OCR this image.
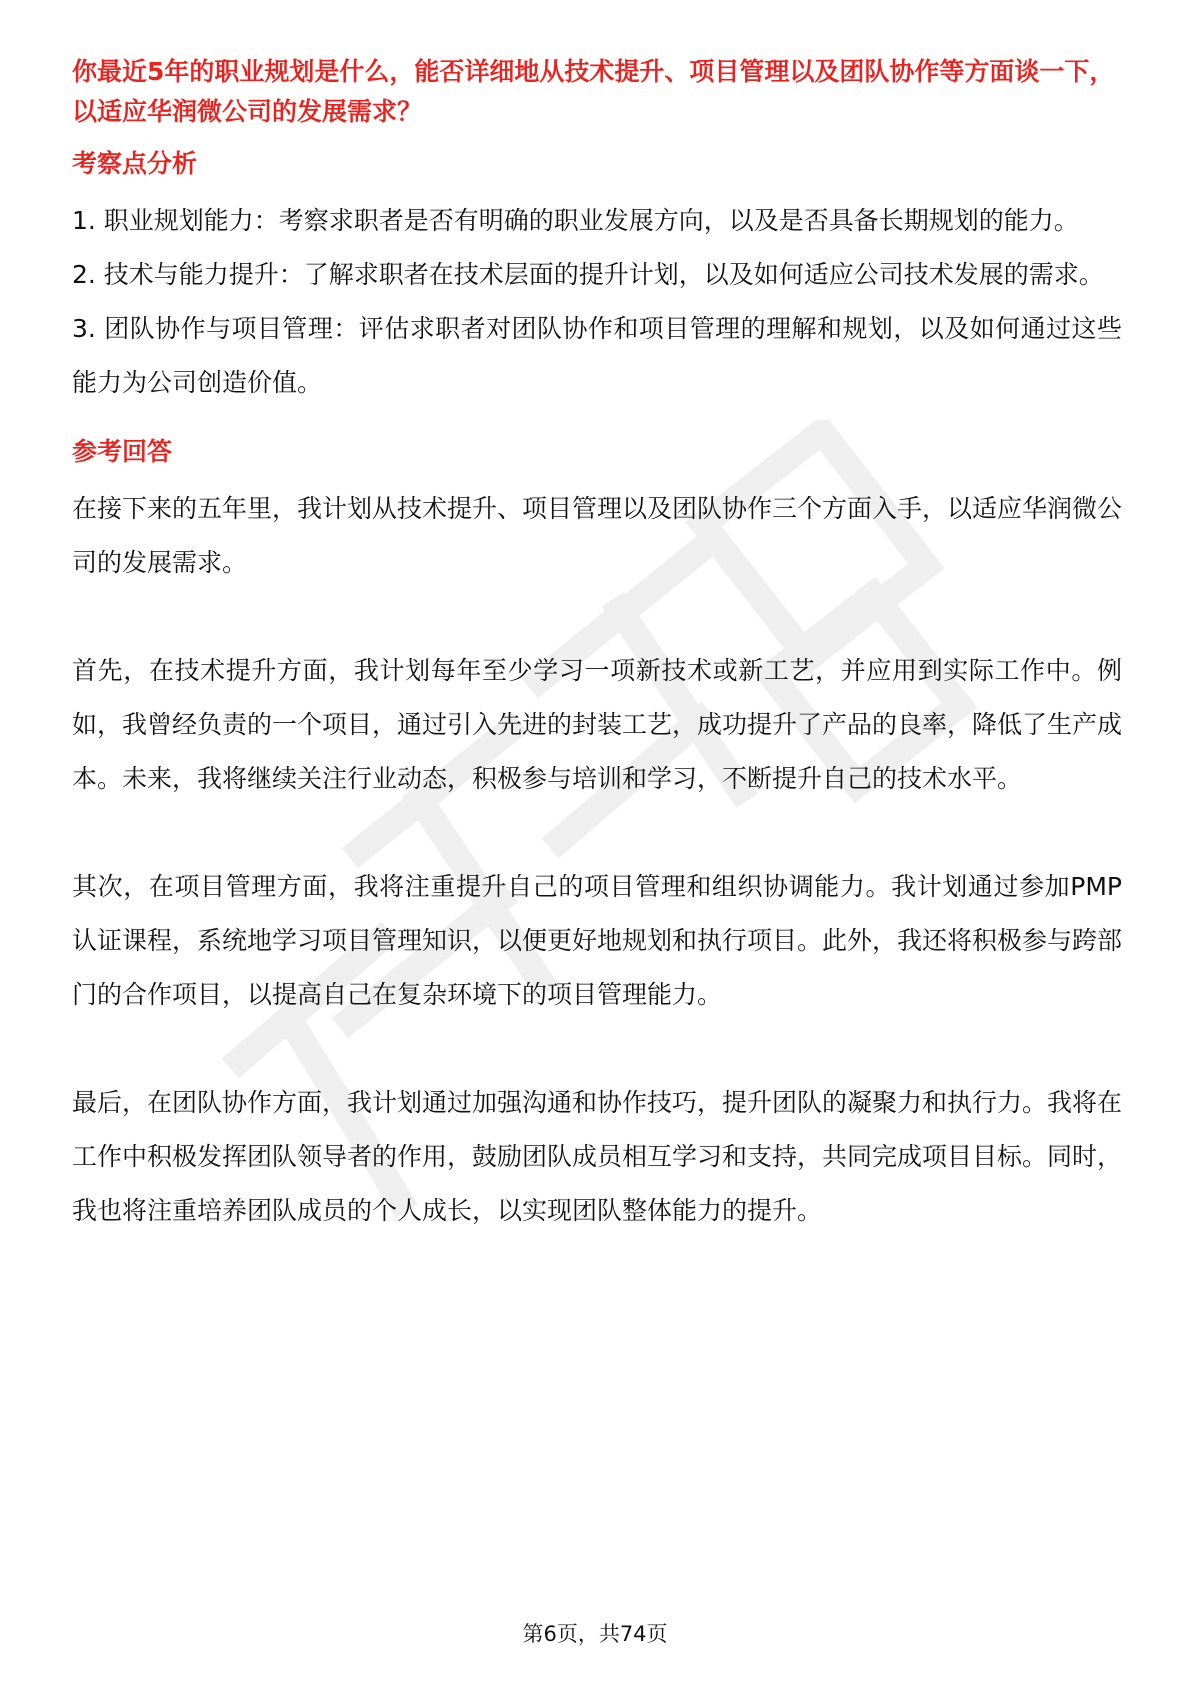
你最近5年的职业规划是什么，能否详细地从技术提升、项目管理以及团队协作等方面谈一下，以适应华润微公司的发展需求？

考察点分析

1. 职业规划能力：考察求职者是否有明确的职业发展方向，以及是否具备长期规划的能力。

2. 技术与能力提升：了解求职者在技术层面的提升计划，以及如何适应公司技术发展的需求。

3. 团队协作与项目管理：评估求职者对团队协作和项目管理的理解和规划，以及如何通过这些能力为公司创造价值。

参考回答

在接下来的五年里，我计划从技术提升、项目管理以及团队协作三个方面入手，以适应华润微公司的发展需求。

首先，在技术提升方面，我计划每年至少学习一项新技术或新工艺，并应用到实际工作中。例如，我曾经负责的一个项目，通过引入先进的封装工艺，成功提升了产品的良率，降低了生产成本。未来，我将继续关注行业动态，积极参与培训和学习，不断提升自己的技术水平。

其次，在项目管理方面，我将注重提升自己的项目管理和组织协调能力。我计划通过参加PMP认证课程，系统地学习项目管理知识，以便更好地规划和执行项目。此外，我还将积极参与跨部门的合作项目，以提高自己在复杂环境下的项目管理能力。

最后，在团队协作方面，我计划通过加强沟通和协作技巧，提升团队的凝聚力和执行力。我将在工作中积极发挥团队领导者的作用，鼓励团队成员相互学习和支持，共同完成项目目标。同时，我也将注重培养团队成员的个人成长，以实现团队整体能力的提升。

第6页，共74页
